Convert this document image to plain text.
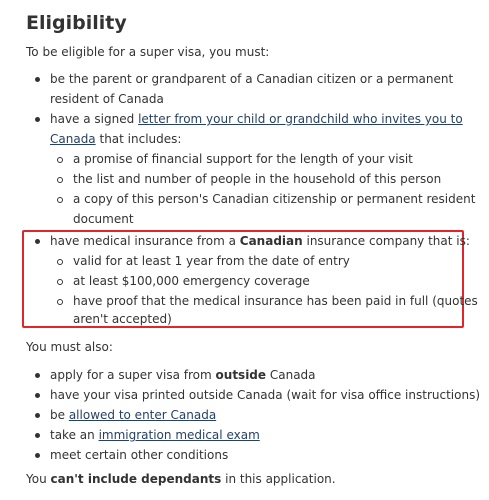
Eligibility
To be eligible for a super visa, you must:
be the parent or grandparent of a Canadian citizen or a permanent
resident of Canada
have a signed letter from your child or grandchild who invites you to
Canada that includes:
a promise of financial support for the length of your visit
the list and number of people in the household of this person
a copy of this person's Canadian citizenship or permanent resident
document
have medical insurance from a Canadian insurance company that is:
valid for at least 1 year from the date of entry
at least $100,000 emergency coverage
have proof that the medical insurance has been paid in full (quotes
aren't accepted)
You must also:
apply for a super visa from outside Canada
have your visa printed outside Canada (wait for visa office instructions)
be allowed to enter Canada
take an immigration medical exam
meet certain other conditions
You can't include dependants in this application.
